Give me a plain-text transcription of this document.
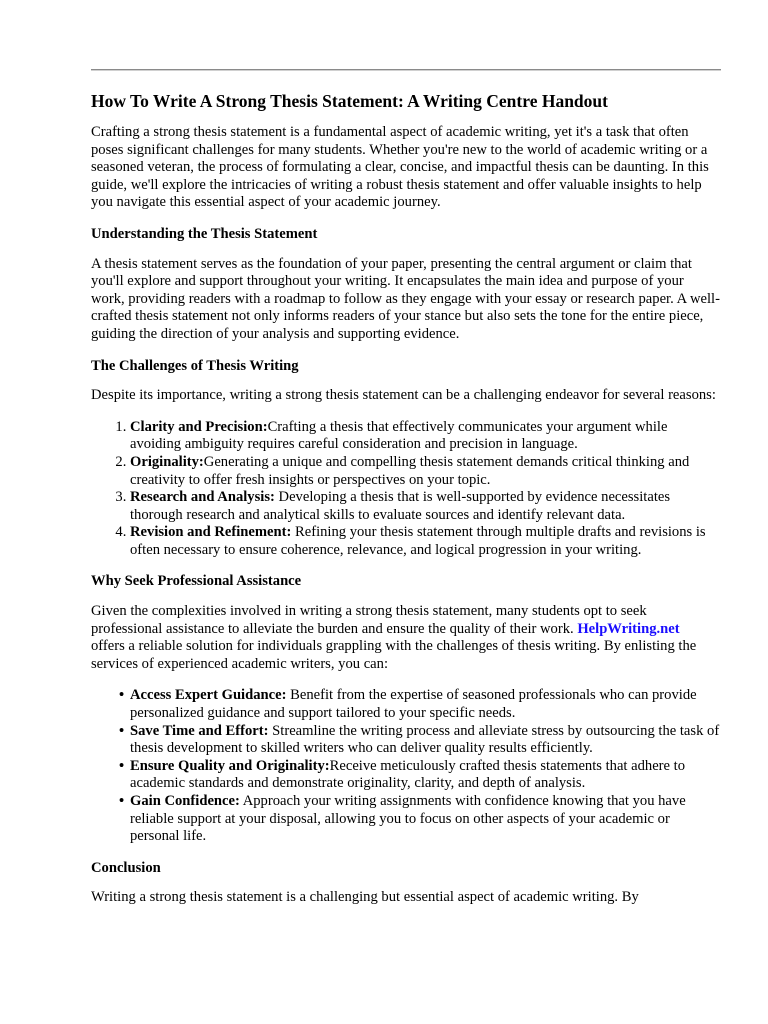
How To Write A Strong Thesis Statement: A Writing Centre Handout

Crafting a strong thesis statement is a fundamental aspect of academic writing, yet it's a task that often poses significant challenges for many students. Whether you're new to the world of academic writing or a seasoned veteran, the process of formulating a clear, concise, and impactful thesis can be daunting. In this guide, we'll explore the intricacies of writing a robust thesis statement and offer valuable insights to help you navigate this essential aspect of your academic journey.

Understanding the Thesis Statement

A thesis statement serves as the foundation of your paper, presenting the central argument or claim that you'll explore and support throughout your writing. It encapsulates the main idea and purpose of your work, providing readers with a roadmap to follow as they engage with your essay or research paper. A well-crafted thesis statement not only informs readers of your stance but also sets the tone for the entire piece, guiding the direction of your analysis and supporting evidence.

The Challenges of Thesis Writing

Despite its importance, writing a strong thesis statement can be a challenging endeavor for several reasons:

1. Clarity and Precision:Crafting a thesis that effectively communicates your argument while avoiding ambiguity requires careful consideration and precision in language.
2. Originality:Generating a unique and compelling thesis statement demands critical thinking and creativity to offer fresh insights or perspectives on your topic.
3. Research and Analysis: Developing a thesis that is well-supported by evidence necessitates thorough research and analytical skills to evaluate sources and identify relevant data.
4. Revision and Refinement: Refining your thesis statement through multiple drafts and revisions is often necessary to ensure coherence, relevance, and logical progression in your writing.
Why Seek Professional Assistance

Given the complexities involved in writing a strong thesis statement, many students opt to seek professional assistance to alleviate the burden and ensure the quality of their work. HelpWriting.netoffers a reliable solution for individuals grappling with the challenges of thesis writing. By enlisting the services of experienced academic writers, you can:

• Access Expert Guidance: Benefit from the expertise of seasoned professionals who can provide personalized guidance and support tailored to your specific needs.
• Save Time and Effort: Streamline the writing process and alleviate stress by outsourcing the task of thesis development to skilled writers who can deliver quality results efficiently.
• Ensure Quality and Originality:Receive meticulously crafted thesis statements that adhere to academic standards and demonstrate originality, clarity, and depth of analysis.
• Gain Confidence: Approach your writing assignments with confidence knowing that you have reliable support at your disposal, allowing you to focus on other aspects of your academic or personal life.
Conclusion

Writing a strong thesis statement is a challenging but essential aspect of academic writing. By
